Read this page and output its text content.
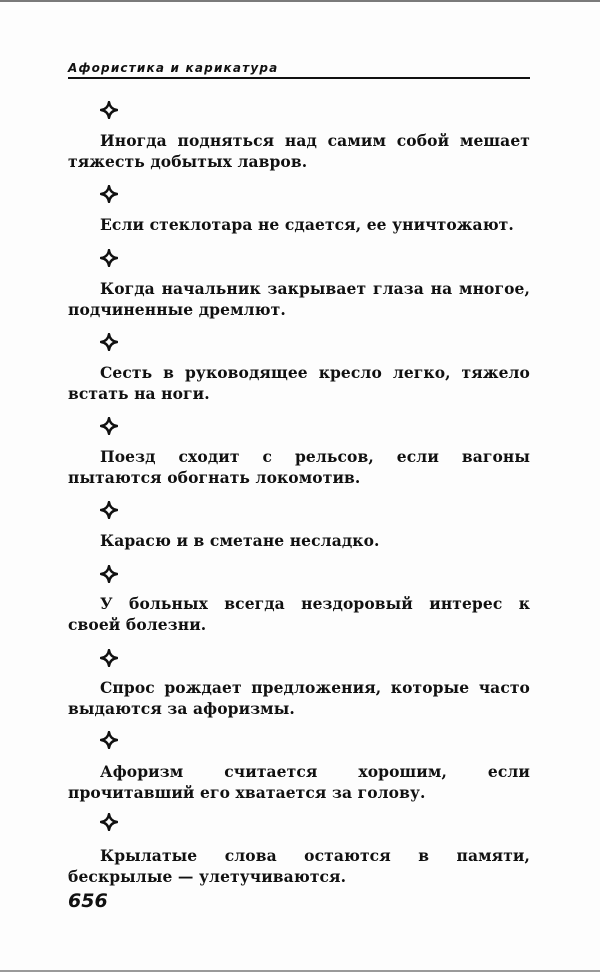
Афористика и карикатура

Иногда подняться над самим собой мешает тяжесть добытых лавров.

Если стеклотара не сдается, ее уничтожают.

Когда начальник закрывает глаза на многое, подчиненные дремлют.

Сесть в руководящее кресло легко, тяжело встать на ноги.

Поезд сходит с рельсов, если вагоны пытаются обогнать локомотив.

Карасю и в сметане несладко.

У больных всегда нездоровый интерес к своей болезни.

Спрос рождает предложения, которые часто выдаются за афоризмы.

Афоризм считается хорошим, если прочитавший его хватается за голову.

Крылатые слова остаются в памяти, бескрылые — улетучиваются.

656
